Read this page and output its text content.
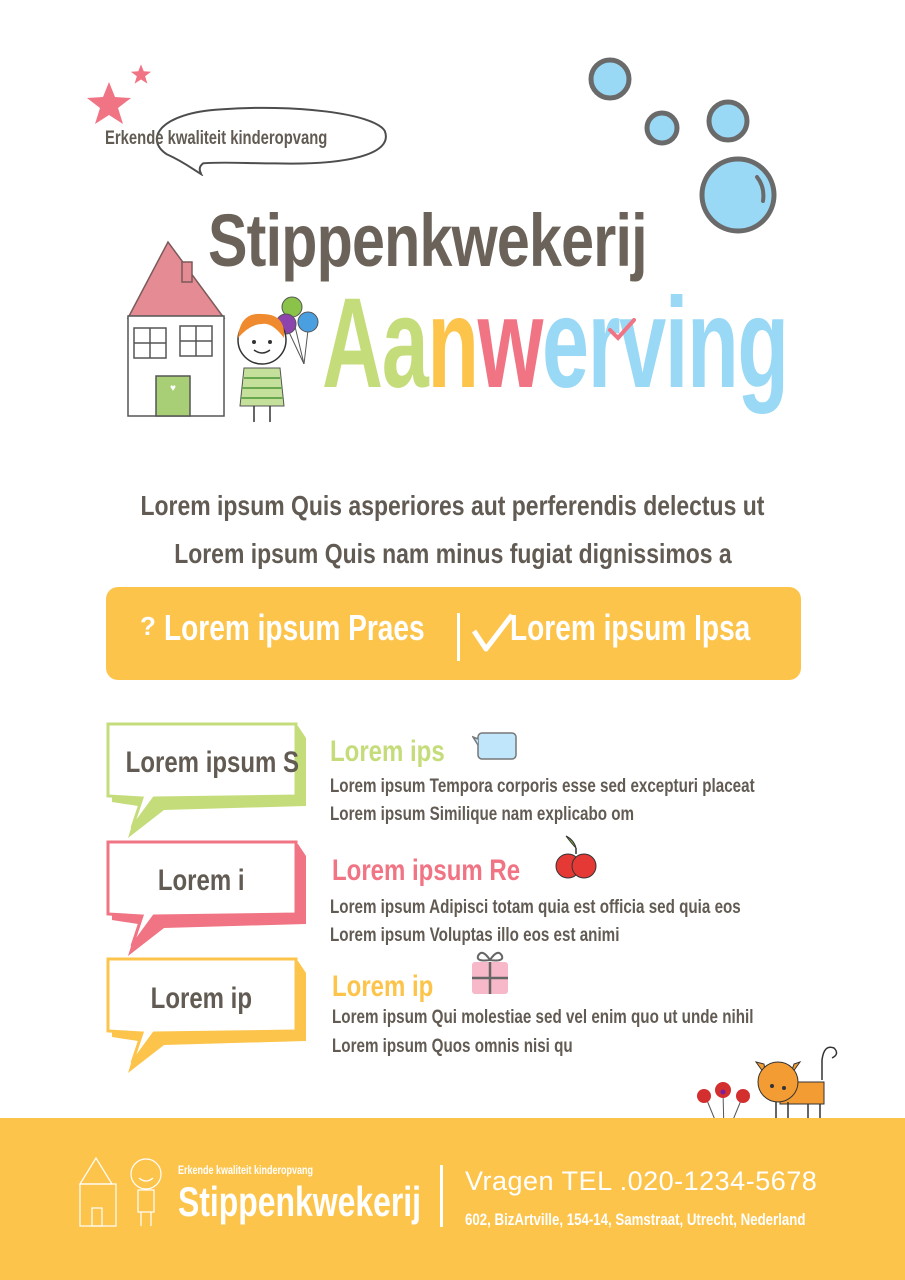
Erkende kwaliteit kinderopvang
Stippenkwekerij
♥ Aanwerving
Lorem ipsum Quis asperiores aut perferendis delectus ut
Lorem ipsum Quis nam minus fugiat dignissimos a
? Lorem ipsum Praes Lorem ipsum Ipsa
Lorem ipsum S Lorem ips
Lorem ipsum Tempora corporis esse sed excepturi placeat
Lorem ipsum Similique nam explicabo om
Lorem i	Lorem ipsum Re
Lorem ipsum Adipisci totam quia est officia sed quia eos
Lorem ipsum Voluptas illo eos est animi
Lorem ip	Lorem ip
Lorem ipsum Qui molestiae sed vel enim quo ut unde nihil
Lorem ipsum Quos omnis nisi qu
Erkende kwaliteit kinderopvang
Stippenkwekerij Vragen TEL .020-1234-5678
602, BizArtville, 154-14, Samstraat, Utrecht, Nederland
